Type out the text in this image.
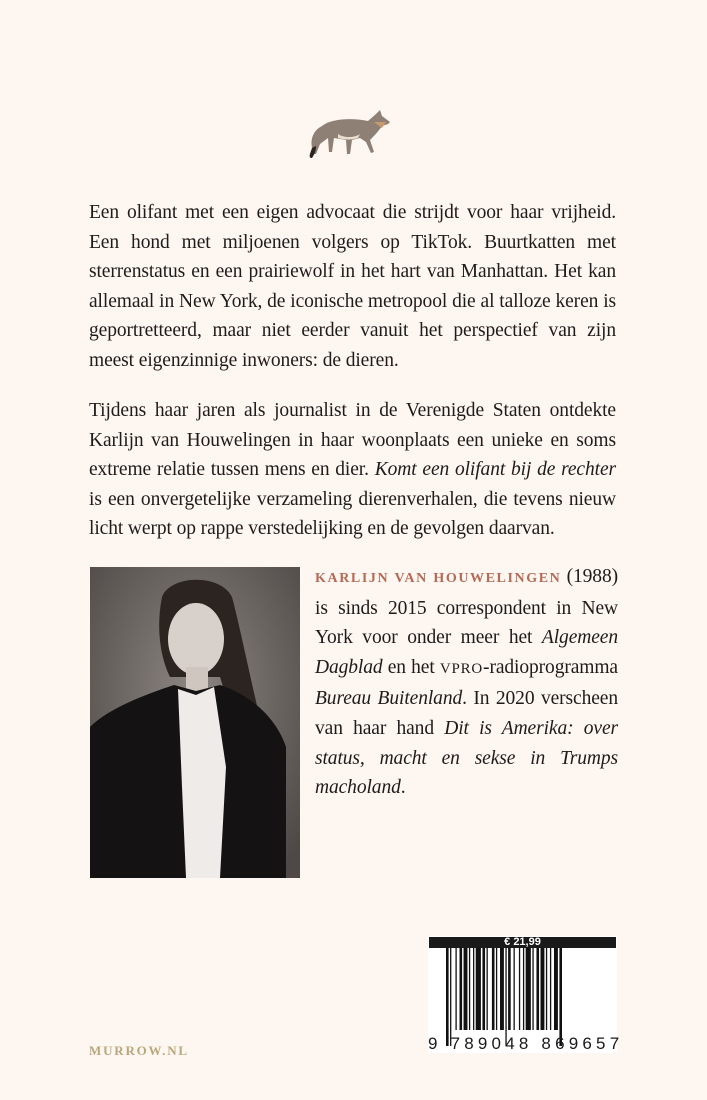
Een olifant met een eigen advocaat die strijdt voor haar vrijheid. Een hond met miljoenen volgers op TikTok. Buurtkatten met sterrenstatus en een prairiewolf in het hart van Manhattan. Het kan allemaal in New York, de iconische metropool die al talloze keren is geportretteerd, maar niet eerder vanuit het perspectief van zijn meest eigenzinnige inwoners: de dieren.
Tijdens haar jaren als journalist in de Verenigde Staten ontdekte Karlijn van Houwelingen in haar woonplaats een unieke en soms extreme relatie tussen mens en dier. Komt een olifant bij de rechter is een onvergetelijke verzameling dierenverhalen, die tevens nieuw licht werpt op rappe verstedelijking en de gevolgen daarvan.
KARLIJN VAN HOUWELINGEN (1988) is sinds 2015 correspondent in New York voor onder meer het Algemeen Dagblad en het VPRO-radioprogramma Bureau Buitenland. In 2020 verscheen van haar hand Dit is Amerika: over status, macht en sekse in Trumps macholand.
MURROW.NL
€ 21,99
9 789048 869657
